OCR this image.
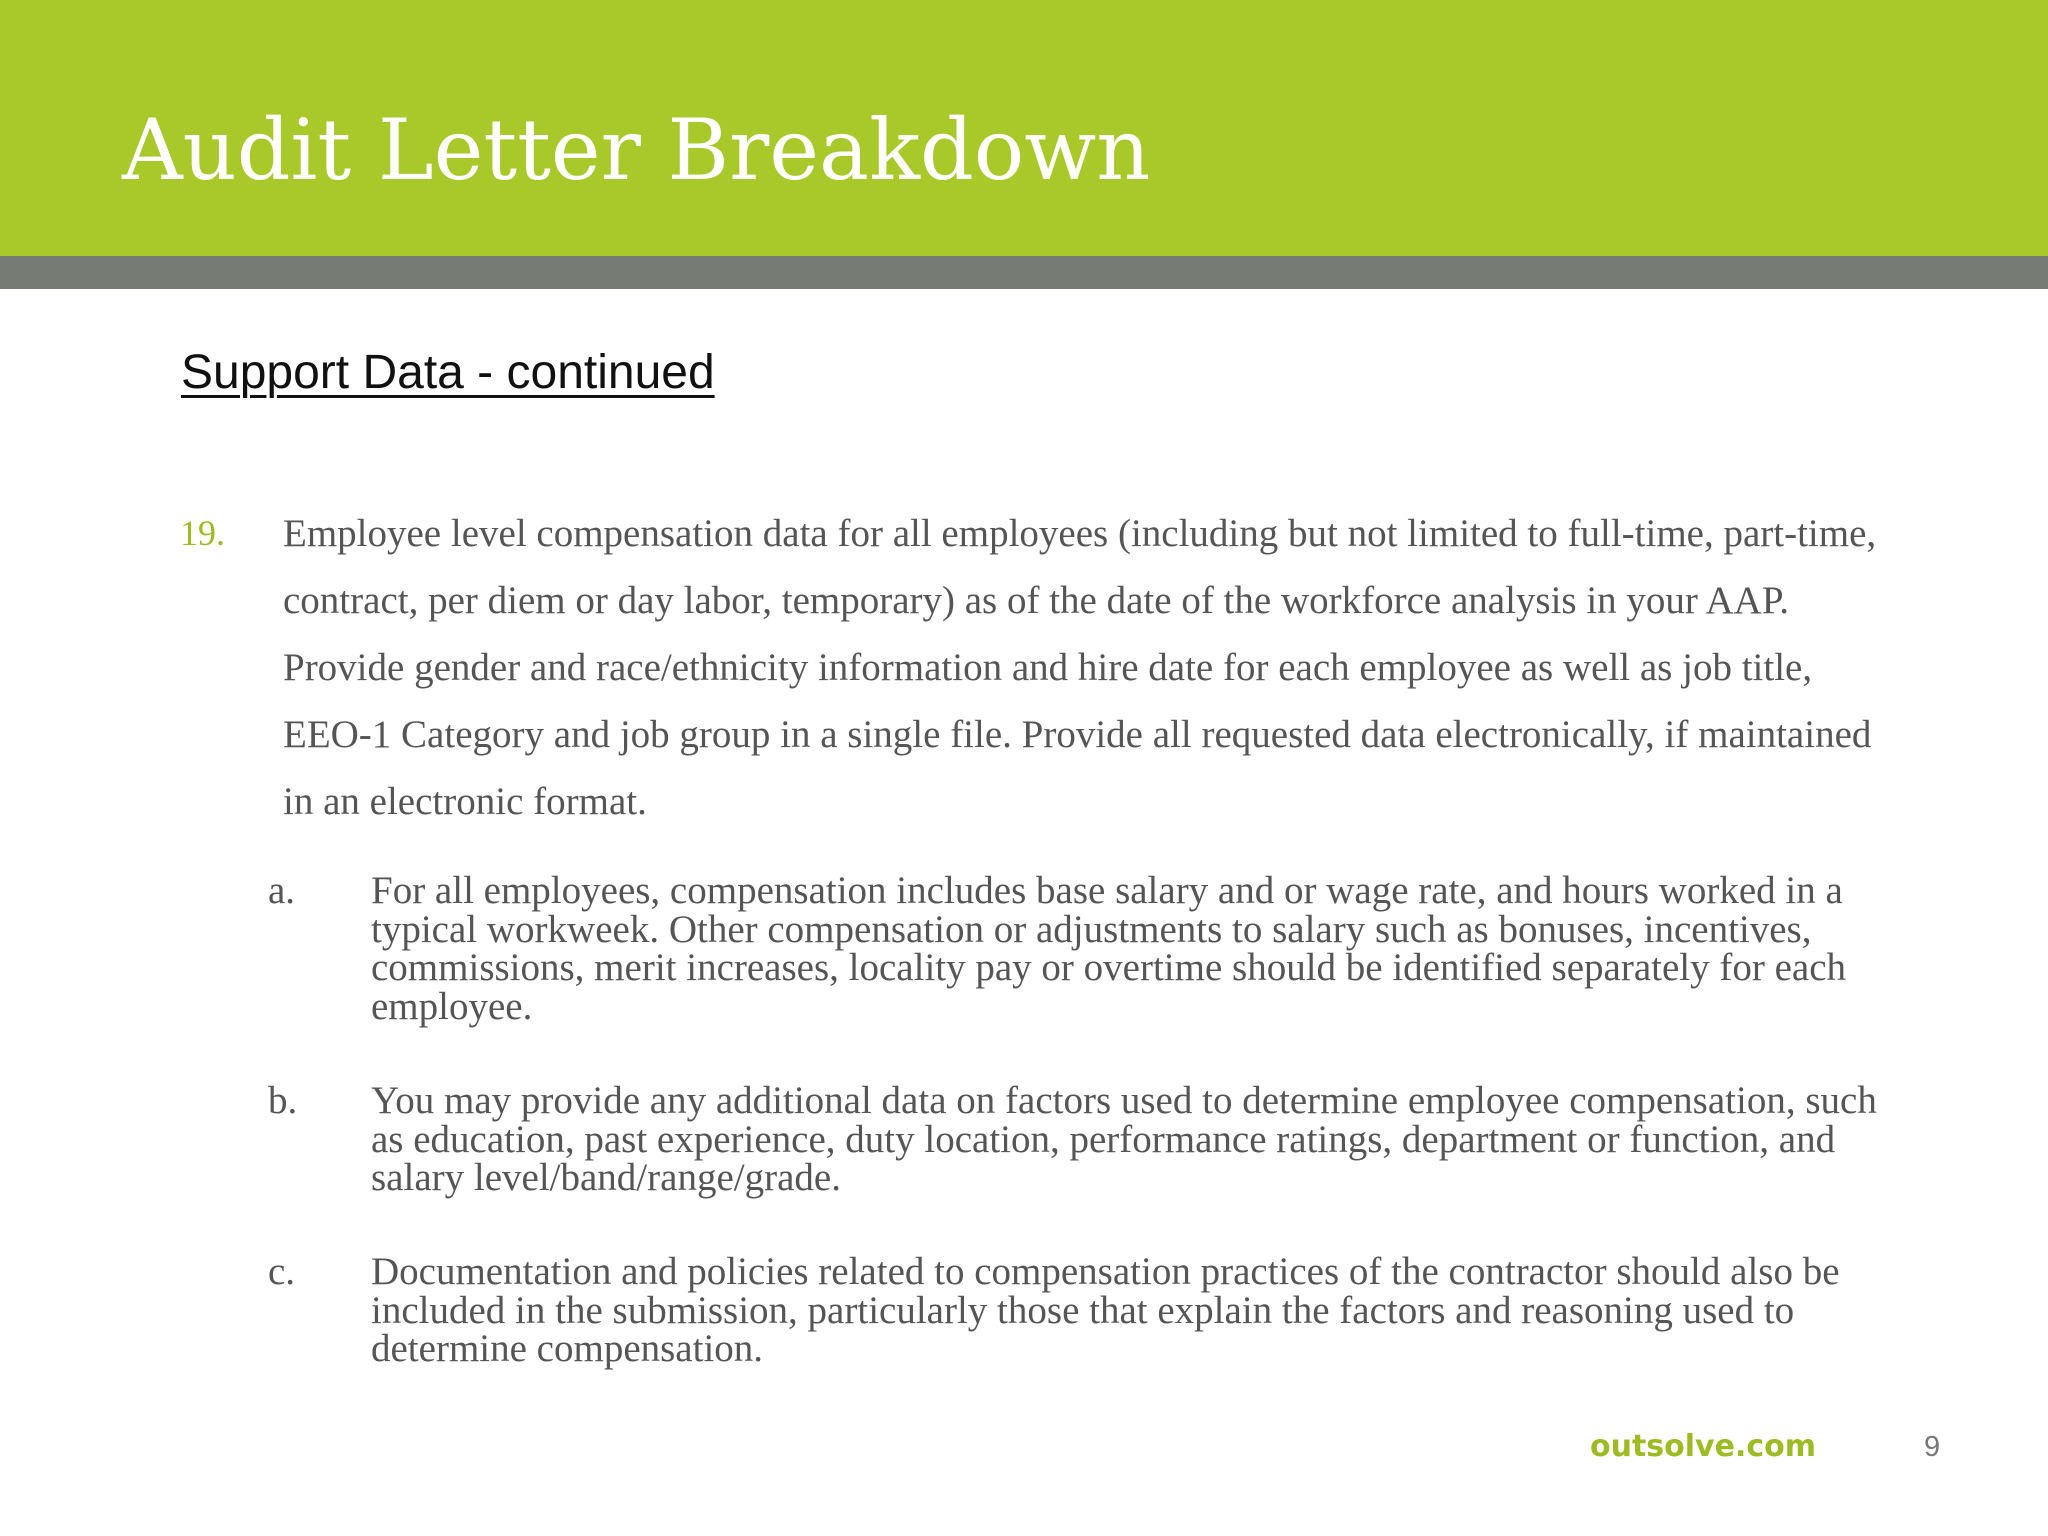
Audit Letter Breakdown
Support Data - continued
19. Employee level compensation data for all employees (including but not limited to full-time, part-time, contract, per diem or day labor, temporary) as of the date of the workforce analysis in your AAP. Provide gender and race/ethnicity information and hire date for each employee as well as job title, EEO-1 Category and job group in a single file. Provide all requested data electronically, if maintained in an electronic format.

a. For all employees, compensation includes base salary and or wage rate, and hours worked in a typical workweek. Other compensation or adjustments to salary such as bonuses, incentives, commissions, merit increases, locality pay or overtime should be identified separately for each employee.

b. You may provide any additional data on factors used to determine employee compensation, such as education, past experience, duty location, performance ratings, department or function, and salary level/band/range/grade.

c. Documentation and policies related to compensation practices of the contractor should also be included in the submission, particularly those that explain the factors and reasoning used to determine compensation.

outsolve.com	9
